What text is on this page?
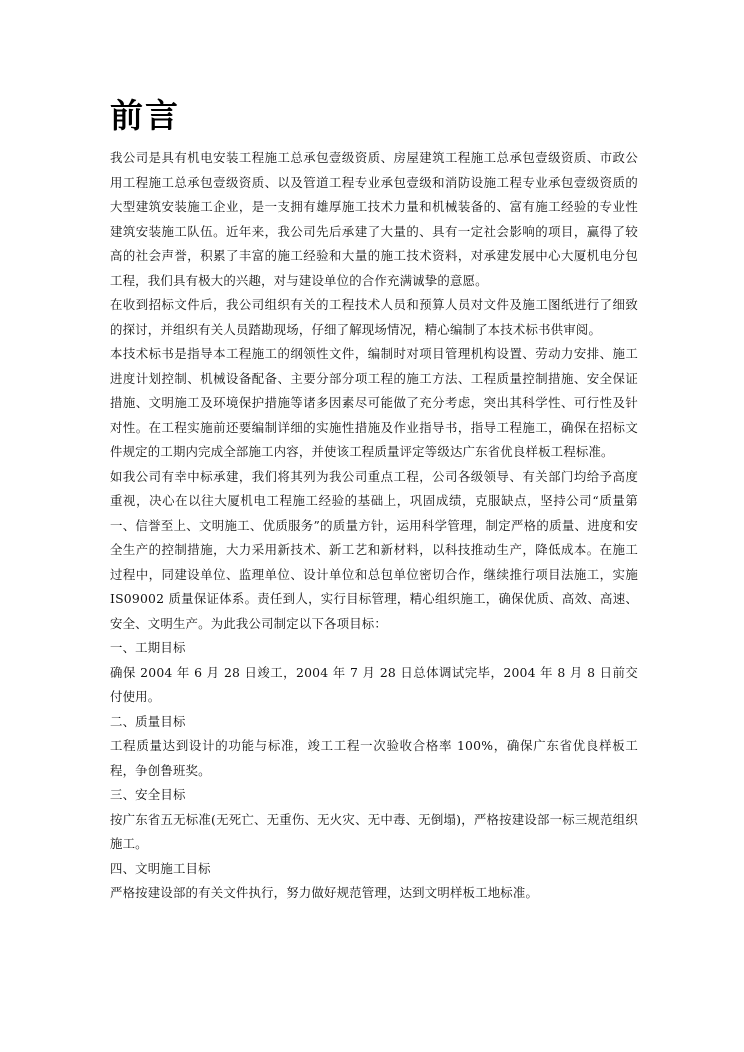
前言

我公司是具有机电安装工程施工总承包壹级资质、房屋建筑工程施工总承包壹级资质、市政公用工程施工总承包壹级资质、以及管道工程专业承包壹级和消防设施工程专业承包壹级资质的大型建筑安装施工企业，是一支拥有雄厚施工技术力量和机械装备的、富有施工经验的专业性建筑安装施工队伍。近年来，我公司先后承建了大量的、具有一定社会影响的项目，赢得了较高的社会声誉，积累了丰富的施工经验和大量的施工技术资料，对承建发展中心大厦机电分包工程，我们具有极大的兴趣，对与建设单位的合作充满诚挚的意愿。

在收到招标文件后，我公司组织有关的工程技术人员和预算人员对文件及施工图纸进行了细致的探讨，并组织有关人员踏勘现场，仔细了解现场情况，精心编制了本技术标书供审阅。

本技术标书是指导本工程施工的纲领性文件，编制时对项目管理机构设置、劳动力安排、施工进度计划控制、机械设备配备、主要分部分项工程的施工方法、工程质量控制措施、安全保证措施、文明施工及环境保护措施等诸多因素尽可能做了充分考虑，突出其科学性、可行性及针对性。在工程实施前还要编制详细的实施性措施及作业指导书，指导工程施工，确保在招标文件规定的工期内完成全部施工内容，并使该工程质量评定等级达广东省优良样板工程标准。

如我公司有幸中标承建，我们将其列为我公司重点工程，公司各级领导、有关部门均给予高度重视，决心在以往大厦机电工程施工经验的基础上，巩固成绩，克服缺点，坚持公司“质量第一、信誉至上、文明施工、优质服务”的质量方针，运用科学管理，制定严格的质量、进度和安全生产的控制措施，大力采用新技术、新工艺和新材料，以科技推动生产，降低成本。在施工过程中，同建设单位、监理单位、设计单位和总包单位密切合作，继续推行项目法施工，实施 IS09002 质量保证体系。责任到人，实行目标管理，精心组织施工，确保优质、高效、高速、安全、文明生产。为此我公司制定以下各项目标：

一、工期目标

确保 2004 年 6 月 28 日竣工，2004 年 7 月 28 日总体调试完毕，2004 年 8 月 8 日前交付使用。

二、质量目标

工程质量达到设计的功能与标准，竣工工程一次验收合格率 100%，确保广东省优良样板工程，争创鲁班奖。

三、安全目标

按广东省五无标准(无死亡、无重伤、无火灾、无中毒、无倒塌)，严格按建设部一标三规范组织施工。

四、文明施工目标

严格按建设部的有关文件执行，努力做好规范管理，达到文明样板工地标准。
